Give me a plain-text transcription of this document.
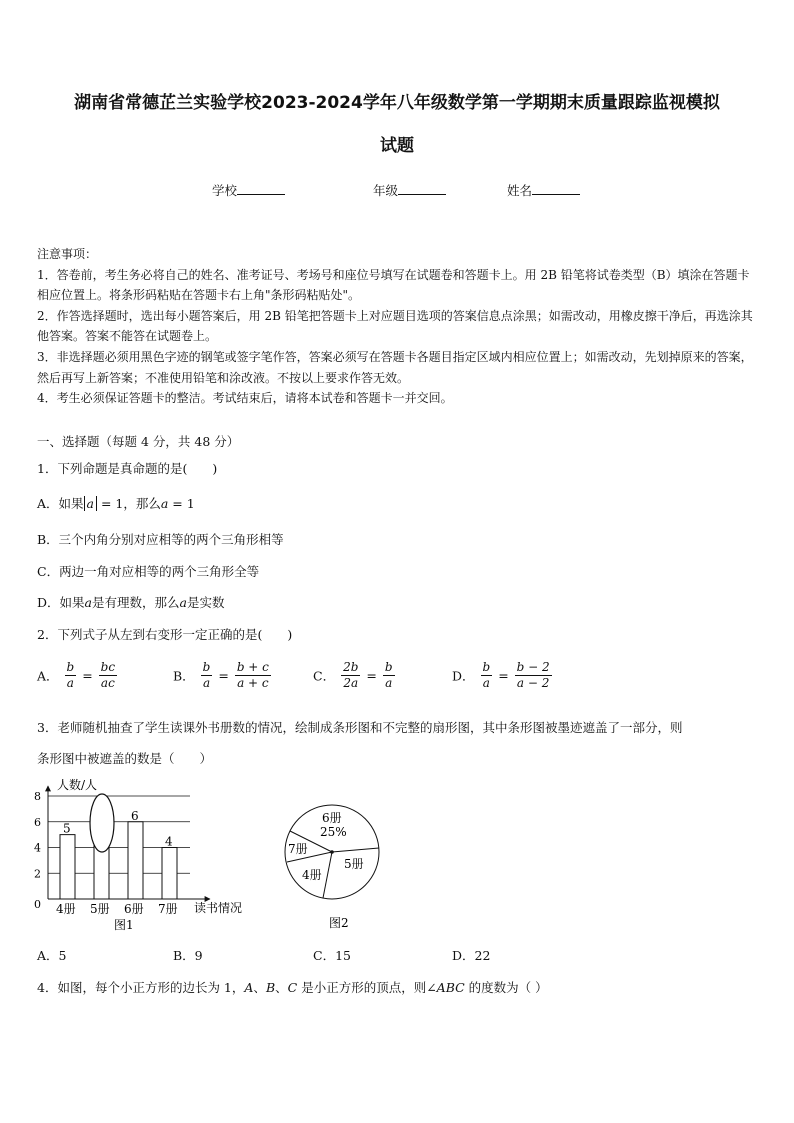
湖南省常德芷兰实验学校2023-2024学年八年级数学第一学期期末质量跟踪监视模拟
试题
学校	年级	姓名

注意事项：

1．答卷前，考生务必将自己的姓名、准考证号、考场号和座位号填写在试题卷和答题卡上。用 2B 铅笔将试卷类型（B）填涂在答题卡相应位置上。将条形码粘贴在答题卡右上角"条形码粘贴处"。

2．作答选择题时，选出每小题答案后，用 2B 铅笔把答题卡上对应题目选项的答案信息点涂黑；如需改动，用橡皮擦干净后，再选涂其他答案。答案不能答在试题卷上。

3．非选择题必须用黑色字迹的钢笔或签字笔作答，答案必须写在答题卡各题目指定区域内相应位置上；如需改动，先划掉原来的答案，然后再写上新答案；不准使用铅笔和涂改液。不按以上要求作答无效。

4．考生必须保证答题卡的整洁。考试结束后，请将本试卷和答题卡一并交回。

一、选择题（每题 4 分，共 48 分）
1．下列命题是真命题的是(　　)
A．如果 a = 1，那么a = 1
B．三个内角分别对应相等的两个三角形相等
C．两边一角对应相等的两个三角形全等
D．如果a是有理数，那么a是实数
2．下列式子从左到右变形一定正确的是(　　)
A． $\frac{b}{a} = \frac{bc}{ac}$	B． $\frac{b}{a} = \frac{b + c}{a + c}$	C． $\frac{2b}{2a} = \frac{b}{a}$	D． $\frac{b}{a} = \frac{b - 2}{a - 2}$
3．老师随机抽查了学生读课外书册数的情况，绘制成条形图和不完整的扇形图，其中条形图被墨迹遮盖了一部分，则
条形图中被遮盖的数是（　　）
2
4
6
8
5
4册 5册
6
6册
4
7册
人数/人
读书情况
0
图1
6册
25%
5册
4册
7册
图2
A．5	B．9	C．15	D．22
4．如图，每个小正方形的边长为 1，A、B、C 是小正方形的顶点，则∠ABC 的度数为（ ）
